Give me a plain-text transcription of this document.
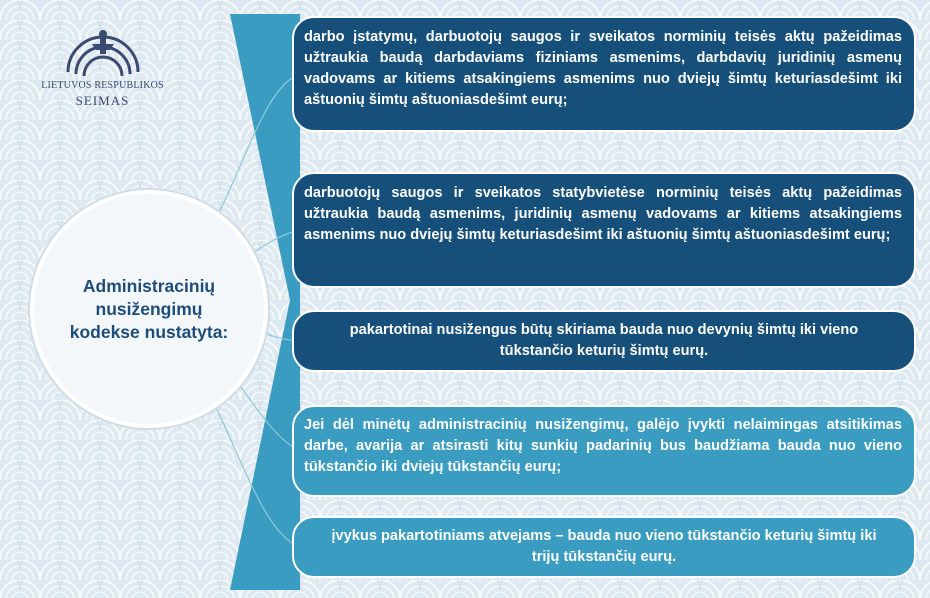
LIETUVOS RESPUBLIKOS
SEIMAS
Administracinių nusižengimų kodekse nustatyta:
darbo įstatymų, darbuotojų saugos ir sveikatos norminių teisės aktų pažeidimas užtraukia baudą darbdaviams fiziniams asmenims, darbdavių juridinių asmenų vadovams ar kitiems atsakingiems asmenims nuo dviejų šimtų keturiasdešimt iki aštuonių šimtų aštuoniasdešimt eurų;
darbuotojų saugos ir sveikatos statybvietėse norminių teisės aktų pažeidimas užtraukia baudą asmenims, juridinių asmenų vadovams ar kitiems atsakingiems asmenims nuo dviejų šimtų keturiasdešimt iki aštuonių šimtų aštuoniasdešimt eurų;
pakartotinai nusižengus būtų skiriama bauda nuo devynių šimtų iki vieno tūkstančio keturių šimtų eurų.
Jei dėl minėtų administracinių nusižengimų, galėjo įvykti nelaimingas atsitikimas darbe, avarija ar atsirasti kitų sunkių padarinių bus baudžiama bauda nuo vieno tūkstančio iki dviejų tūkstančių eurų;
įvykus pakartotiniams atvejams – bauda nuo vieno tūkstančio keturių šimtų iki trijų tūkstančių eurų.
